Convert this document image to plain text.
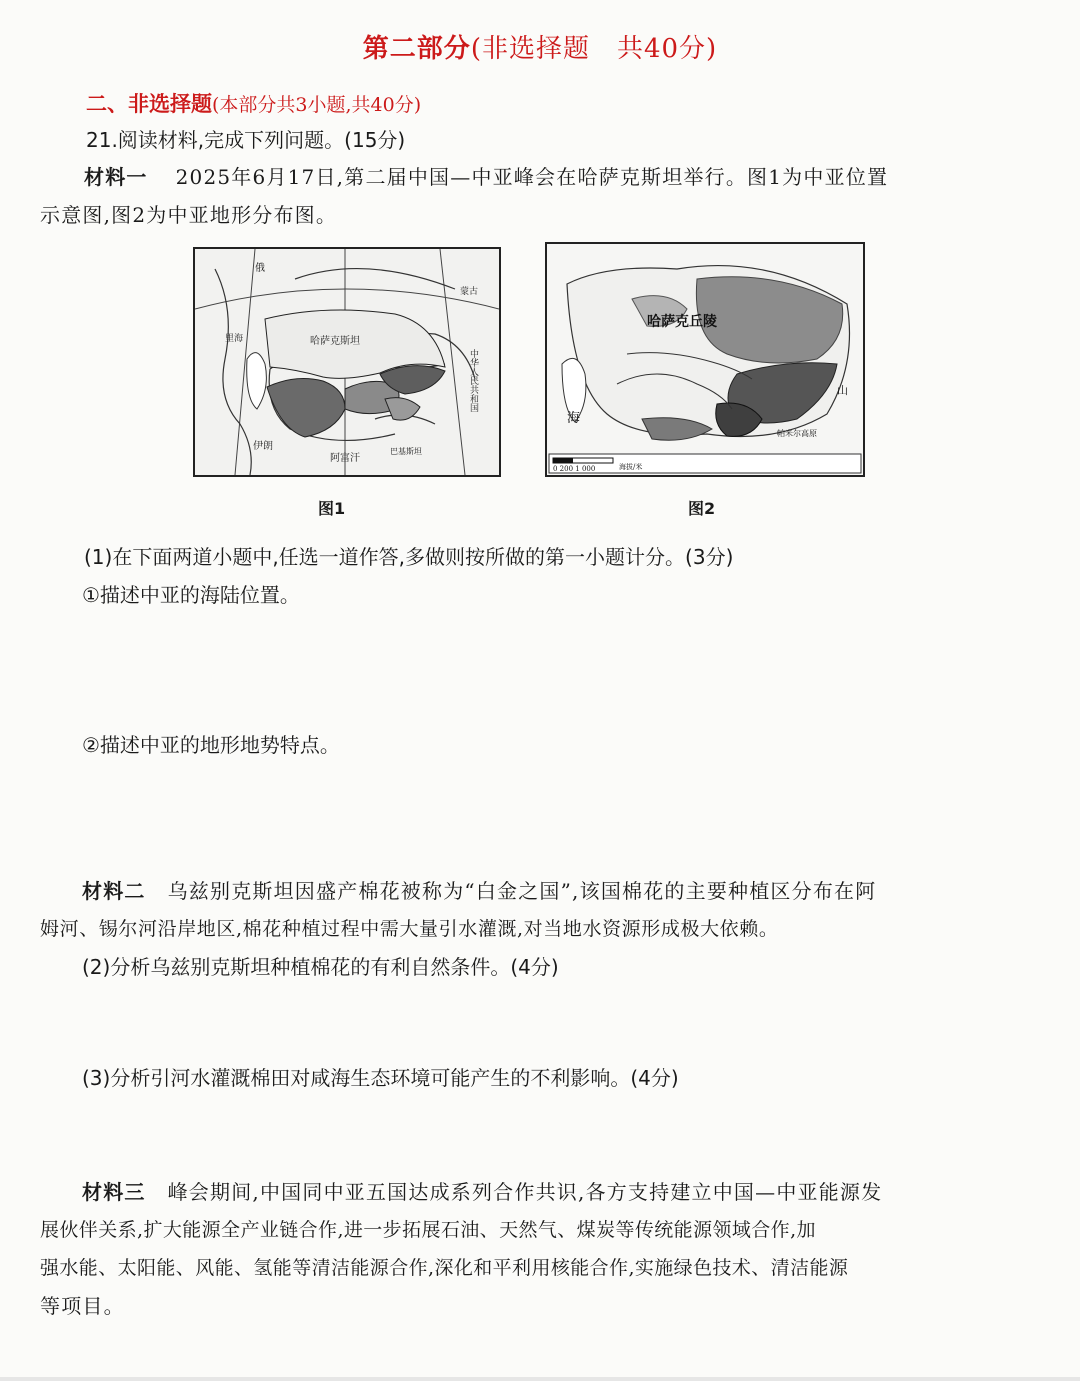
第二部分(非选择题　共40分)
二、非选择题(本部分共3小题,共40分)
21.阅读材料,完成下列问题。(15分)
材料一 2025年6月17日,第二届中国—中亚峰会在哈萨克斯坦举行。图1为中亚位置
示意图,图2为中亚地形分布图。
哈萨克斯坦
俄
蒙古
伊朗
阿富汗
里海
巴基斯坦
中华人民共和国
图1
哈萨克丘陵
海
山
帕米尔高原
0 200 1 000	海拔/米
图2
(1)在下面两道小题中,任选一道作答,多做则按所做的第一小题计分。(3分)
①描述中亚的海陆位置。
②描述中亚的地形地势特点。
材料二 乌兹别克斯坦因盛产棉花被称为“白金之国”,该国棉花的主要种植区分布在阿
姆河、锡尔河沿岸地区,棉花种植过程中需大量引水灌溉,对当地水资源形成极大依赖。
(2)分析乌兹别克斯坦种植棉花的有利自然条件。(4分)
(3)分析引河水灌溉棉田对咸海生态环境可能产生的不利影响。(4分)
材料三 峰会期间,中国同中亚五国达成系列合作共识,各方支持建立中国—中亚能源发
展伙伴关系,扩大能源全产业链合作,进一步拓展石油、天然气、煤炭等传统能源领域合作,加
强水能、太阳能、风能、氢能等清洁能源合作,深化和平利用核能合作,实施绿色技术、清洁能源
等项目。
